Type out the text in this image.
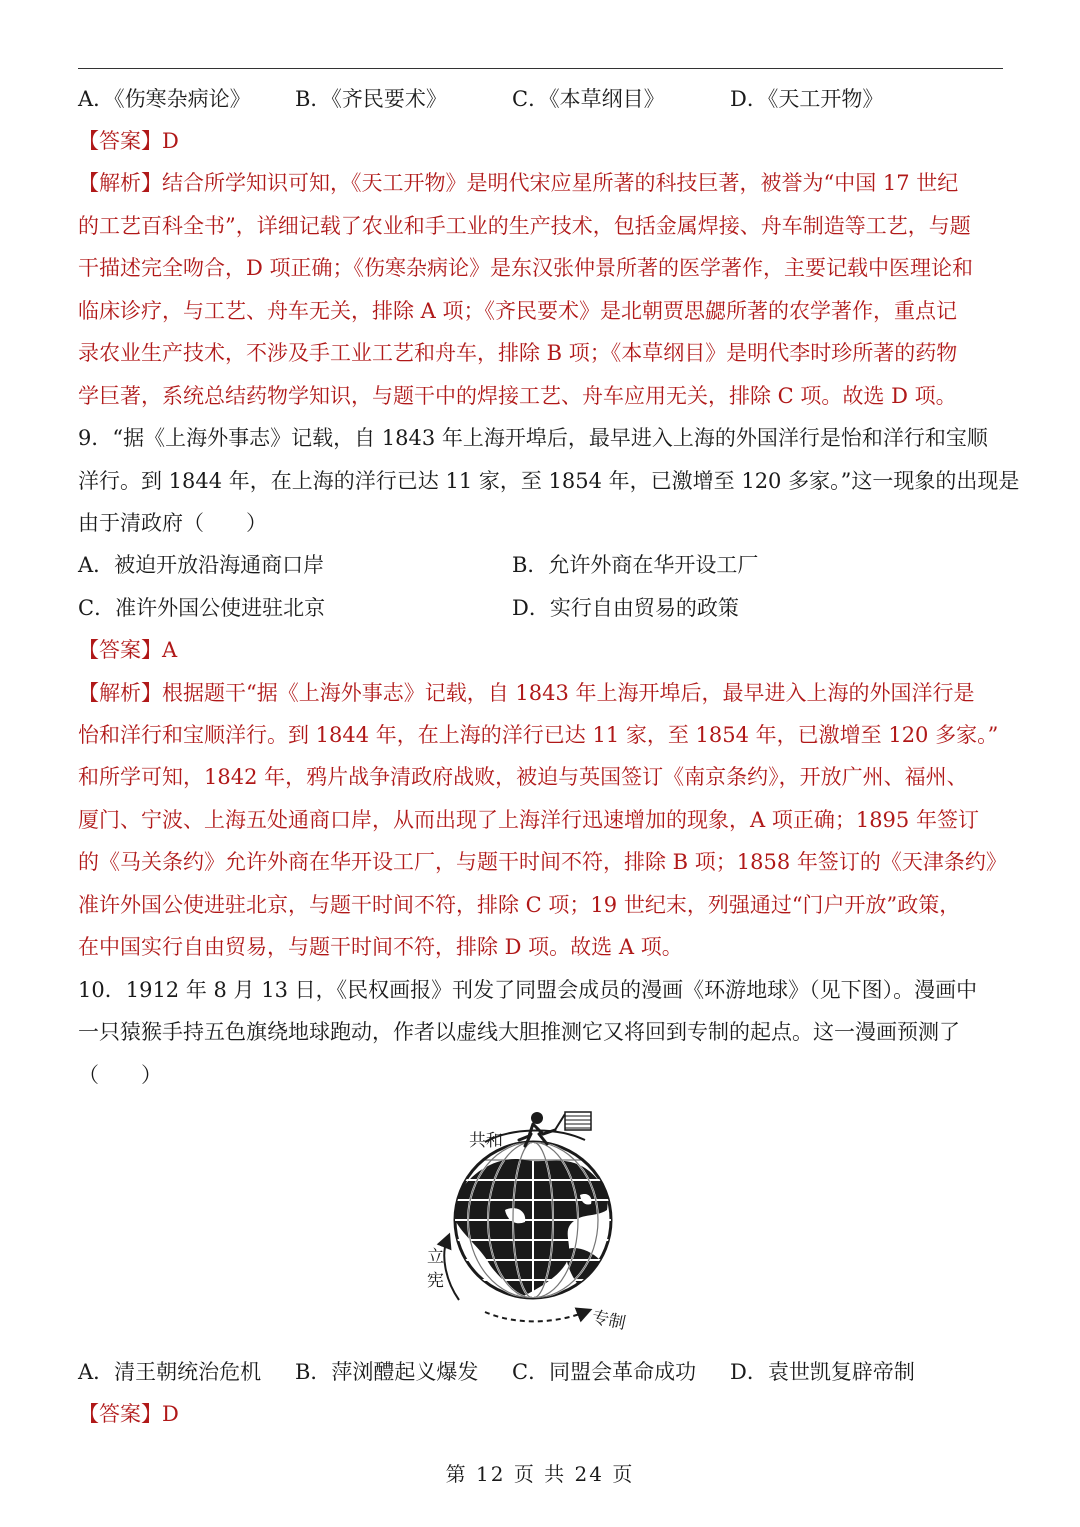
A．《伤寒杂病论》 B．《齐民要术》	C．《本草纲目》	D．《天工开物》
【答案】D
【解析】结合所学知识可知，《天工开物》是明代宋应星所著的科技巨著，被誉为“中国 17 世纪
的工艺百科全书”，详细记载了农业和手工业的生产技术，包括金属焊接、舟车制造等工艺，与题
干描述完全吻合，D 项正确；《伤寒杂病论》是东汉张仲景所著的医学著作，主要记载中医理论和
临床诊疗，与工艺、舟车无关，排除 A 项；《齐民要术》是北朝贾思勰所著的农学著作，重点记
录农业生产技术，不涉及手工业工艺和舟车，排除 B 项；《本草纲目》是明代李时珍所著的药物
学巨著，系统总结药物学知识，与题干中的焊接工艺、舟车应用无关，排除 C 项。故选 D 项。
9．“据《上海外事志》记载，自 1843 年上海开埠后，最早进入上海的外国洋行是怡和洋行和宝顺
洋行。到 1844 年，在上海的洋行已达 11 家，至 1854 年，已激增至 120 多家。”这一现象的出现是
由于清政府（　　）
A．被迫开放沿海通商口岸	B．允许外商在华开设工厂
C．准许外国公使进驻北京	D．实行自由贸易的政策
【答案】A
【解析】根据题干“据《上海外事志》记载，自 1843 年上海开埠后，最早进入上海的外国洋行是
怡和洋行和宝顺洋行。到 1844 年，在上海的洋行已达 11 家，至 1854 年，已激增至 120 多家。”
和所学可知，1842 年，鸦片战争清政府战败，被迫与英国签订《南京条约》，开放广州、福州、
厦门、宁波、上海五处通商口岸，从而出现了上海洋行迅速增加的现象，A 项正确；1895 年签订
的《马关条约》允许外商在华开设工厂，与题干时间不符，排除 B 项；1858 年签订的《天津条约》
准许外国公使进驻北京，与题干时间不符，排除 C 项；19 世纪末，列强通过“门户开放”政策，
在中国实行自由贸易，与题干时间不符，排除 D 项。故选 A 项。
10．1912 年 8 月 13 日，《民权画报》刊发了同盟会成员的漫画《环游地球》（见下图）。漫画中
一只猿猴手持五色旗绕地球跑动，作者以虚线大胆推测它又将回到专制的起点。这一漫画预测了
（　　）
共和
立
宪
专制
A．清王朝统治危机 B．萍浏醴起义爆发 C．同盟会革命成功 D．袁世凯复辟帝制
【答案】D
第 12 页 共 24 页
